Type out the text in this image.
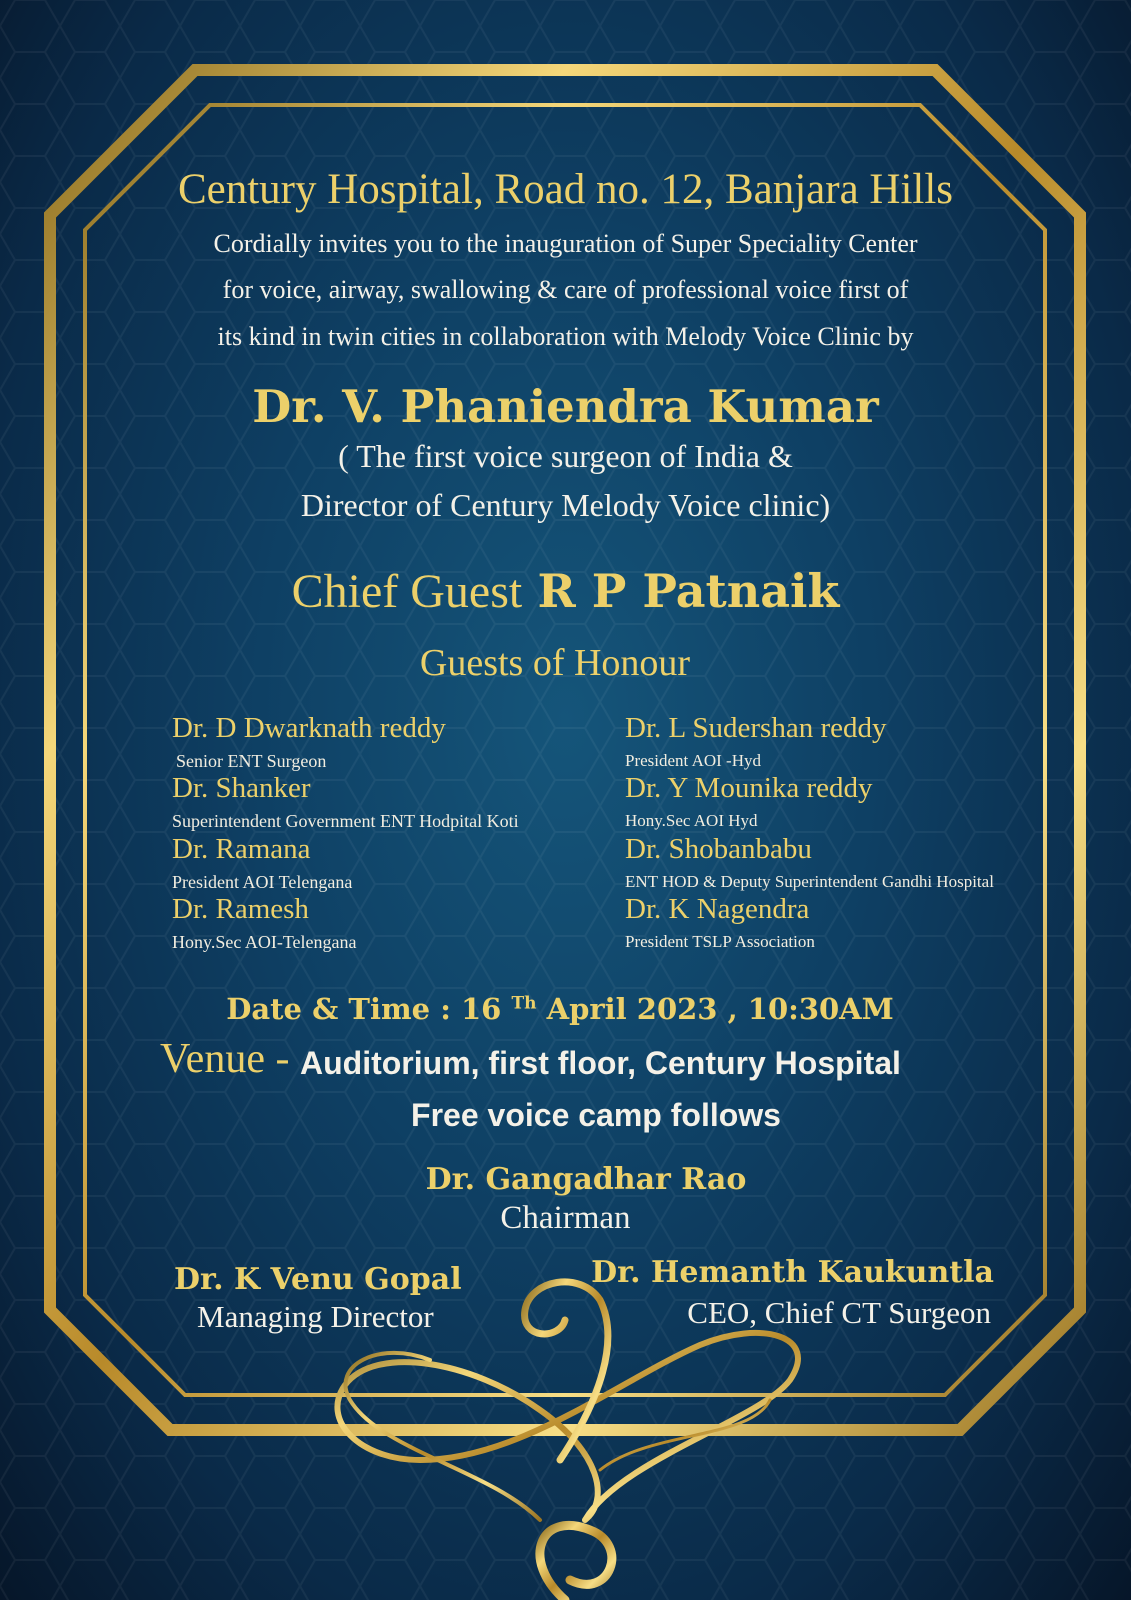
Century Hospital, Road no. 12, Banjara Hills

Cordially invites you to the inauguration of Super Speciality Center

for voice, airway, swallowing & care of professional voice first of

its kind in twin cities in collaboration with Melody Voice Clinic by

Dr. V. Phaniendra Kumar

( The first voice surgeon of India &

Director of Century Melody Voice clinic)

Chief Guest R P Patnaik

Guests of Honour

Dr. D Dwarknath reddy

Senior ENT Surgeon

Dr. Shanker

Superintendent Government ENT Hodpital Koti

Dr. Ramana

President AOI Telengana

Dr. Ramesh

Hony.Sec AOI-Telengana

Dr. L Sudershan reddy

President AOI -Hyd

Dr. Y Mounika reddy

Hony.Sec AOI Hyd

Dr. Shobanbabu

ENT HOD & Deputy Superintendent Gandhi Hospital

Dr. K Nagendra

President TSLP Association

Date & Time : 16 $^{Th}$ April 2023 , 10:30AM

Venue - Auditorium, first floor, Century Hospital

Free voice camp follows

Dr. Gangadhar Rao

Chairman

Dr. K Venu Gopal

Managing Director

Dr. Hemanth Kaukuntla

CEO, Chief CT Surgeon
